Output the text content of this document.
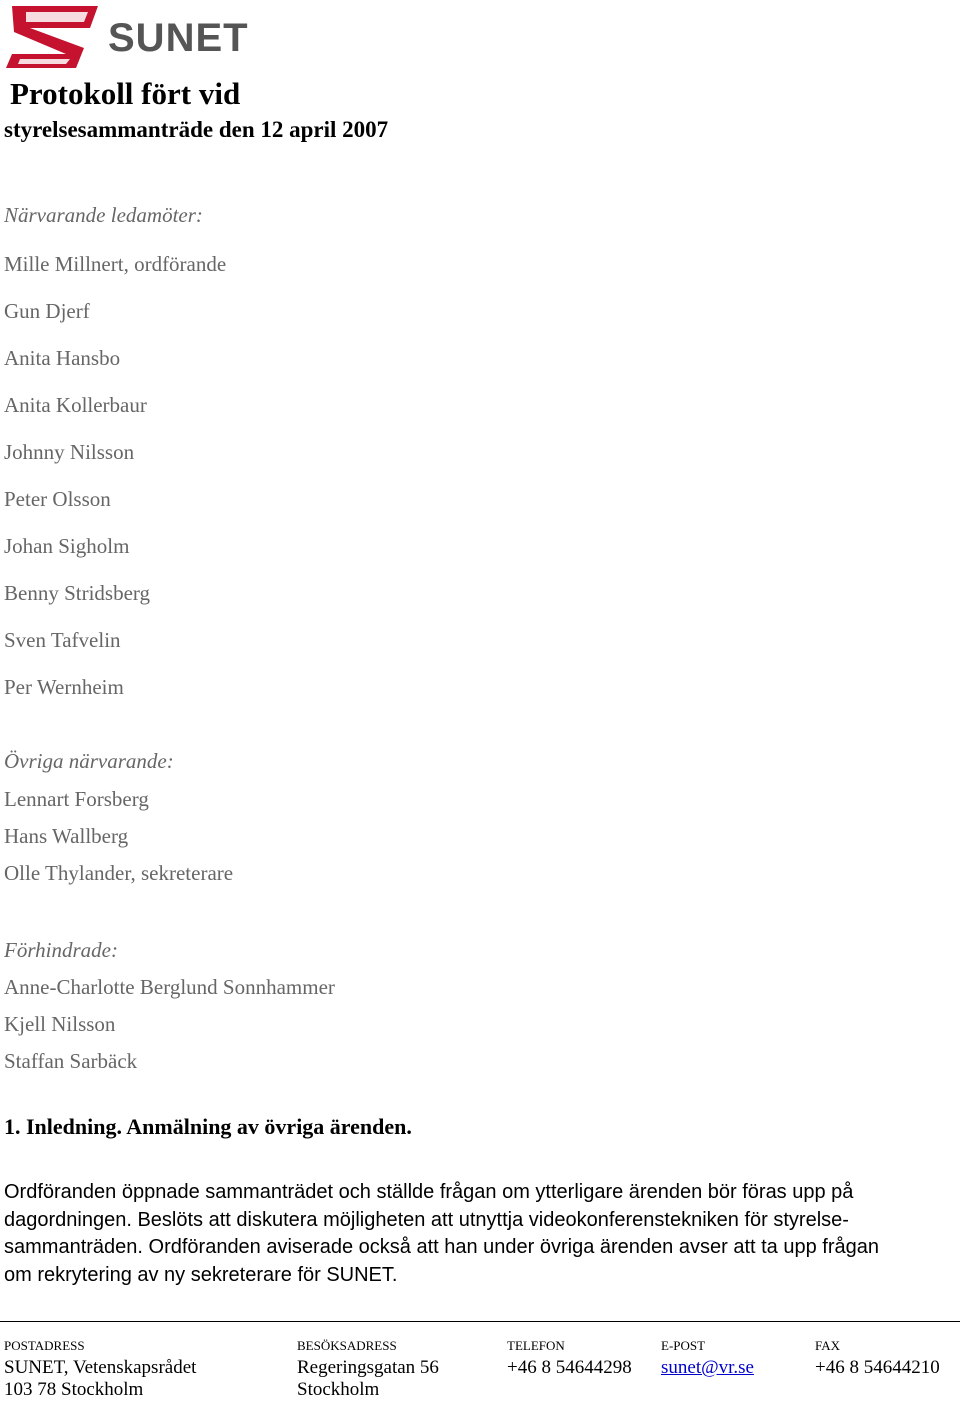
SUNET
Protokoll fört vid
styrelsesammanträde den 12 april 2007

Närvarande ledamöter:

Mille Millnert, ordförande

Gun Djerf

Anita Hansbo

Anita Kollerbaur

Johnny Nilsson

Peter Olsson

Johan Sigholm

Benny Stridsberg

Sven Tafvelin

Per Wernheim

Övriga närvarande:

Lennart Forsberg

Hans Wallberg

Olle Thylander, sekreterare

Förhindrade:

Anne-Charlotte Berglund Sonnhammer

Kjell Nilsson

Staffan Sarbäck

1. Inledning. Anmälning av övriga ärenden.
Ordföranden öppnade sammanträdet och ställde frågan om ytterligare ärenden bör föras upp på
dagordningen. Beslöts att diskutera möjligheten att utnyttja videokonferenstekniken för styrelse-
sammanträden. Ordföranden aviserade också att han under övriga ärenden avser att ta upp frågan
om rekrytering av ny sekreterare för SUNET.

POSTADRESS

SUNET, Vetenskapsrådet

103 78 Stockholm

BESÖKSADRESS

Regeringsgatan 56

Stockholm

TELEFON

+46 8 54644298

E-POST

sunet@vr.se

FAX

+46 8 54644210
